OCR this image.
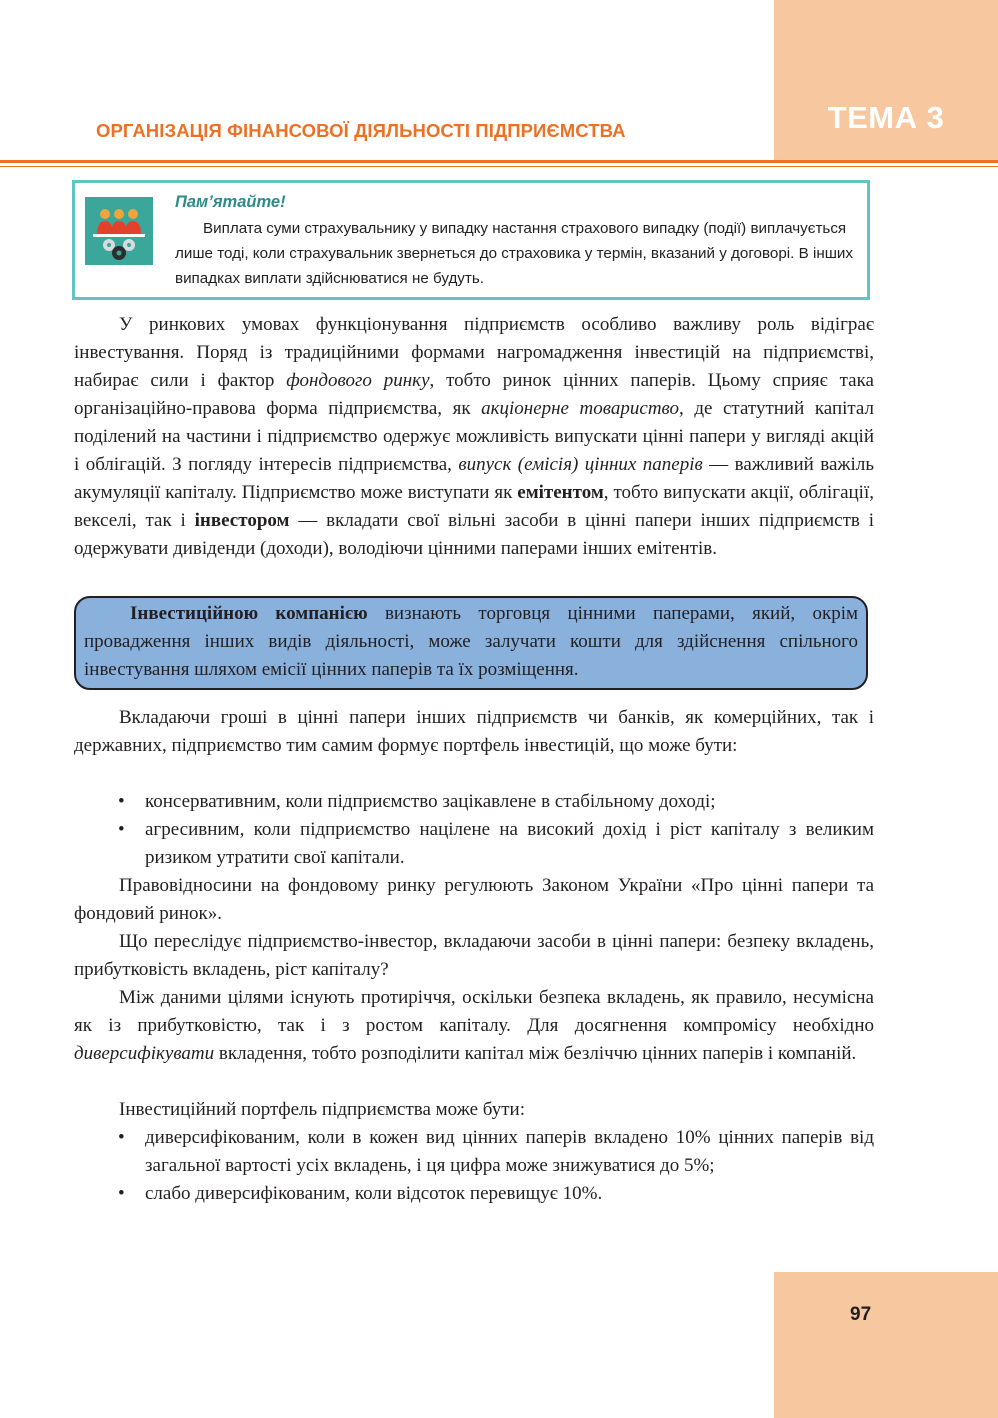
ТЕМА 3
ОРГАНІЗАЦІЯ ФІНАНСОВОЇ ДІЯЛЬНОСТІ ПІДПРИЄМСТВА
Пам’ятайте!
Виплата суми страхувальнику у випадку настання страхового випадку (події) виплачується лише тоді, коли страхувальник звернеться до страховика у термін, вказаний у договорі. В інших випадках виплати здійснюватися не будуть.
У ринкових умовах функціонування підприємств особливо важливу роль відіграє інвестування. Поряд із традиційними формами нагромадження інвестицій на підприємстві, набирає сили і фактор фондового ринку, тобто ринок цінних паперів. Цьому сприяє така організаційно-правова форма підприємства, як акціонерне товариство, де статутний капітал поділений на частини і підприємство одержує можливість випускати цінні папери у вигляді акцій і облігацій. З погляду інтересів підприємства, випуск (емісія) цінних паперів — важливий важіль акумуляції капіталу. Підприємство може виступати як емітентом, тобто випускати акції, облігації, векселі, так і інвестором — вкладати свої вільні засоби в цінні папери інших підприємств і одержувати дивіденди (доходи), володіючи цінними паперами інших емітентів.
Інвестиційною компанією визнають торговця цінними паперами, який, окрім провадження інших видів діяльності, може залучати кошти для здійснення спільного інвестування шляхом емісії цінних паперів та їх розміщення.
Вкладаючи гроші в цінні папери інших підприємств чи банків, як комерційних, так і державних, підприємство тим самим формує портфель інвестицій, що може бути:
• консервативним, коли підприємство зацікавлене в стабільному доході;
• агресивним, коли підприємство націлене на високий дохід і ріст капіталу з великим ризиком утратити свої капітали.
Правовідносини на фондовому ринку регулюють Законом України «Про цінні папери та фондовий ринок».
Що переслідує підприємство-інвестор, вкладаючи засоби в цінні папери: безпеку вкладень, прибутковість вкладень, ріст капіталу?
Між даними цілями існують протиріччя, оскільки безпека вкладень, як правило, несумісна як із прибутковістю, так і з ростом капіталу. Для досягнення компромісу необхідно диверсифікувати вкладення, тобто розподілити капітал між безліччю цінних паперів і компаній.
Інвестиційний портфель підприємства може бути:
• диверсифікованим, коли в кожен вид цінних паперів вкладено 10% цінних паперів від загальної вартості усіх вкладень, і ця цифра може знижуватися до 5%;
• слабо диверсифікованим, коли відсоток перевищує 10%.
97
